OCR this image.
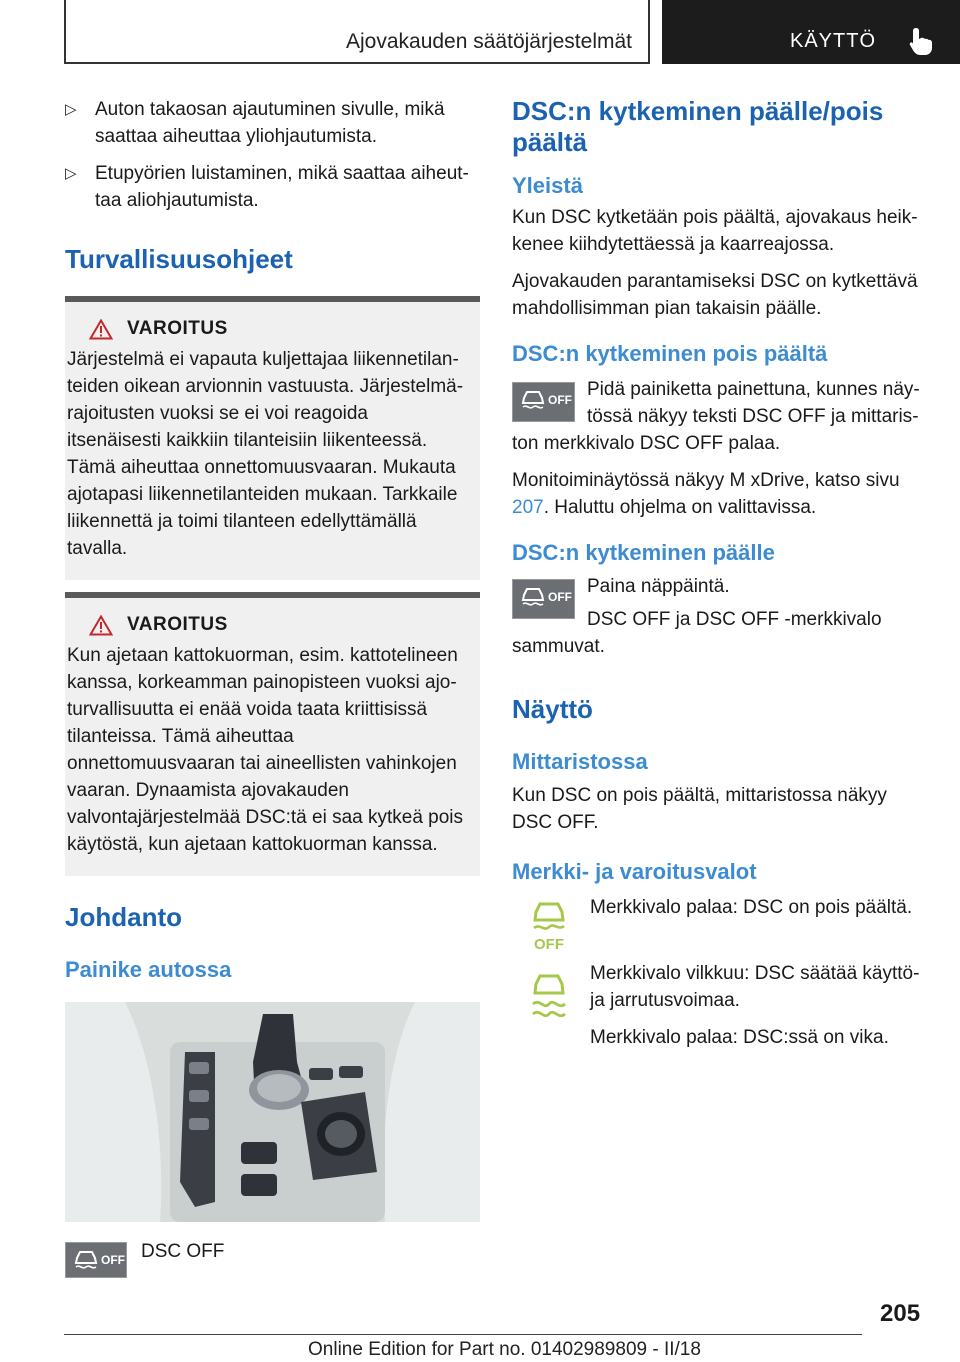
Ajovakauden säätöjärjestelmät	KÄYTTÖ
▷ Auton takaosan ajautuminen sivulle, mikä saattaa aiheuttaa yliohjautumista.
▷ Etupyörien luistaminen, mikä saattaa aiheuttaa aliohjautumista.
Turvallisuusohjeet
VAROITUS

Järjestelmä ei vapauta kuljettajaa liikennetilanteiden oikean arvionnin vastuusta. Järjestelmärajoitusten vuoksi se ei voi reagoida itsenäisesti kaikkiin tilanteisiin liikenteessä. Tämä aiheuttaa onnettomuusvaaran. Mukauta ajotapasi liikennetilanteiden mukaan. Tarkkaile liikennettä ja toimi tilanteen edellyttämällä tavalla.

VAROITUS

Kun ajetaan kattokuorman, esim. kattotelineen kanssa, korkeamman painopisteen vuoksi ajoturvallisuutta ei enää voida taata kriittisissä tilanteissa. Tämä aiheuttaa onnettomuusvaaran tai aineellisten vahinkojen vaaran. Dynaamista ajovakauden valvontajärjestelmää DSC:tä ei saa kytkeä pois käytöstä, kun ajetaan kattokuorman kanssa.

Johdanto
Painike autossa
OFF DSC OFF
DSC:n kytkeminen päälle/pois päältä
Yleistä

Kun DSC kytketään pois päältä, ajovakaus heikkenee kiihdytettäessä ja kaarreajossa.

Ajovakauden parantamiseksi DSC on kytkettävä mahdollisimman pian takaisin päälle.

DSC:n kytkeminen pois päältä
OFF Pidä painiketta painettuna, kunnes näytössä näkyy teksti DSC OFF ja mittariston merkkivalo DSC OFF palaa.

Monitoiminäytössä näkyy M xDrive, katso sivu 207. Haluttu ohjelma on valittavissa.

DSC:n kytkeminen päälle
OFF Paina näppäintä.

DSC OFF ja DSC OFF -merkkivalo sammuvat.

Näyttö
Mittaristossa

Kun DSC on pois päältä, mittaristossa näkyy DSC OFF.

Merkki- ja varoitusvalot
OFF

Merkkivalo palaa: DSC on pois päältä.

Merkkivalo vilkkuu: DSC säätää käyttö- ja jarrutusvoimaa.

Merkkivalo palaa: DSC:ssä on vika.

205
Online Edition for Part no. 01402989809 - II/18
